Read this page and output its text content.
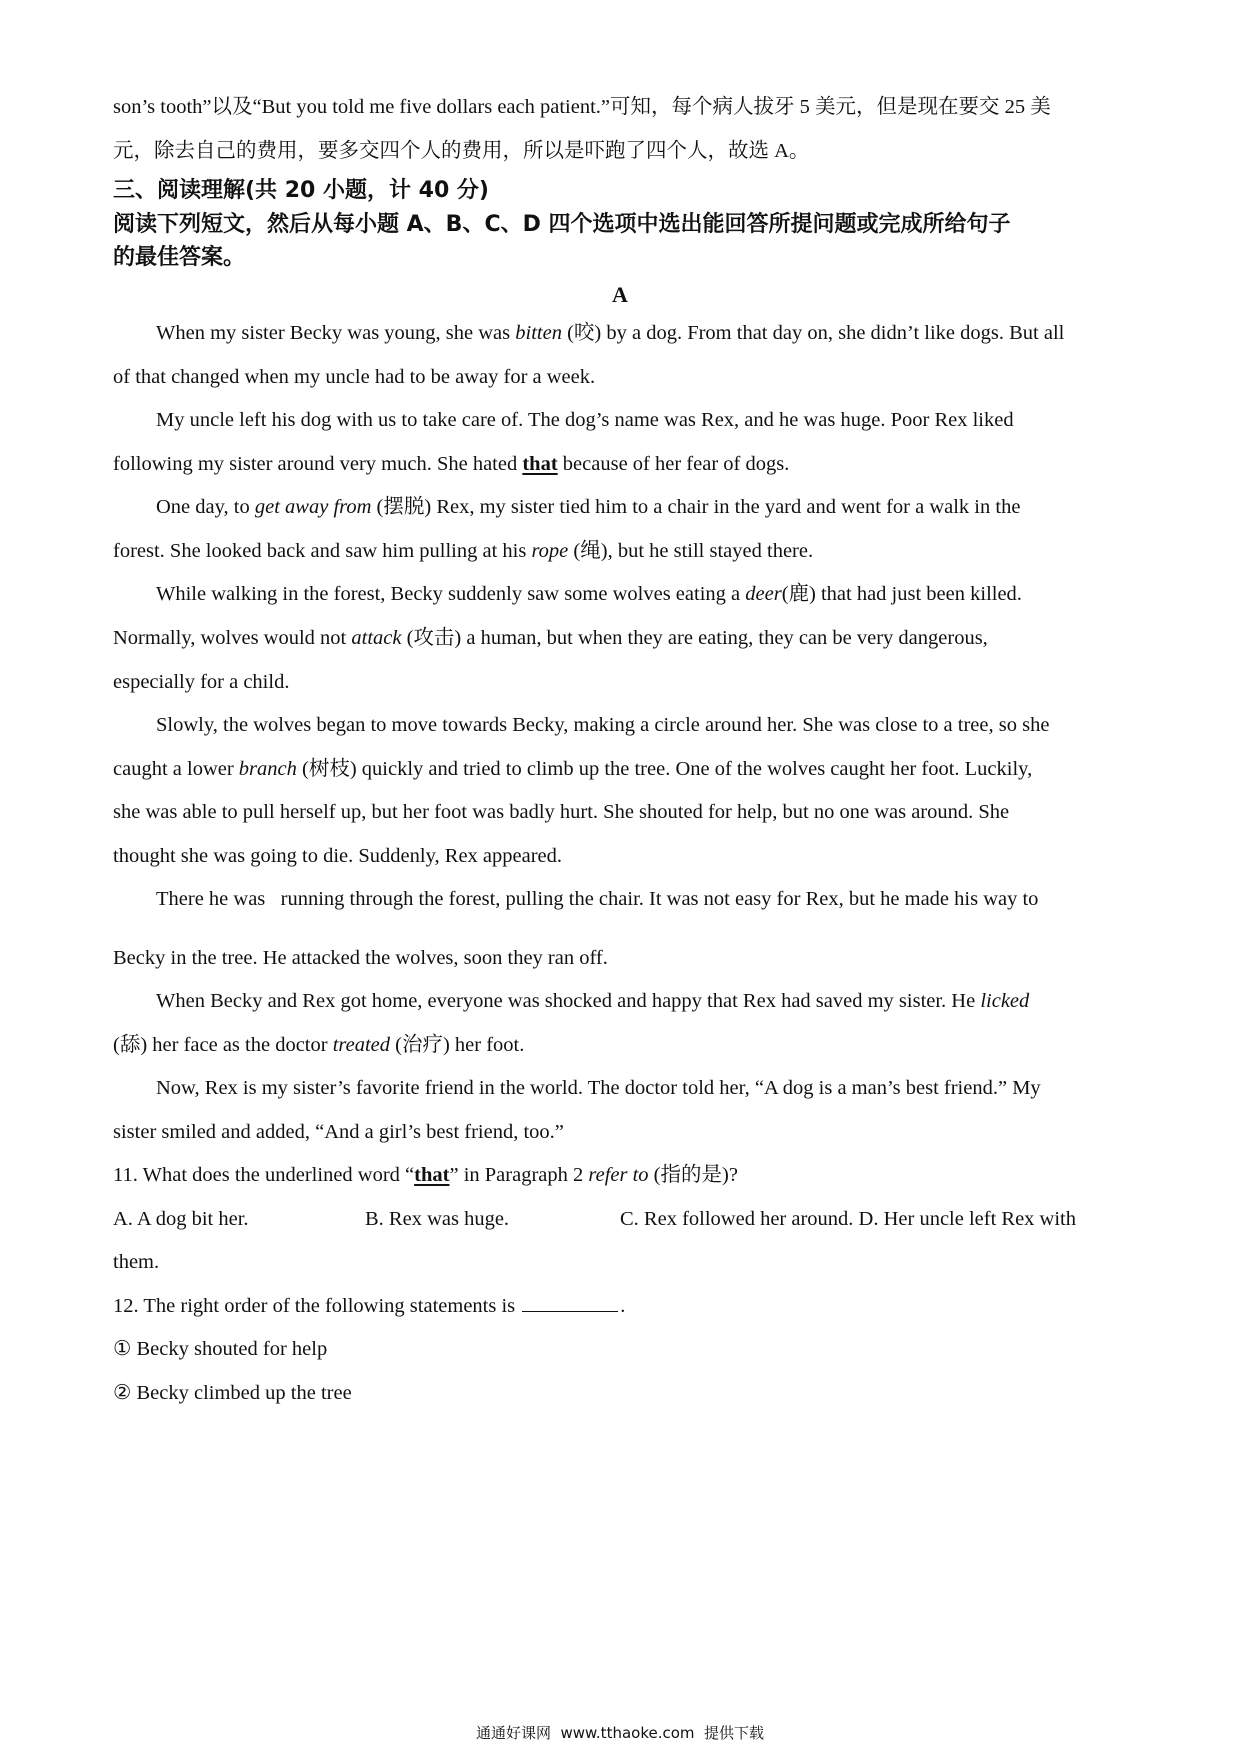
son’s tooth”以及“But you told me five dollars each patient.”可知，每个病人拔牙 5 美元，但是现在要交 25 美
元，除去自己的费用，要多交四个人的费用，所以是吓跑了四个人，故选 A。
三、阅读理解(共 20 小题，计 40 分)
阅读下列短文，然后从每小题 A、B、C、D 四个选项中选出能回答所提问题或完成所给句子
的最佳答案。
A
When my sister Becky was young, she was bitten (咬) by a dog. From that day on, she didn’t like dogs. But all
of that changed when my uncle had to be away for a week.
My uncle left his dog with us to take care of. The dog’s name was Rex, and he was huge. Poor Rex liked
following my sister around very much. She hated that because of her fear of dogs.
One day, to get away from (摆脱) Rex, my sister tied him to a chair in the yard and went for a walk in the
forest. She looked back and saw him pulling at his rope (绳), but he still stayed there.
While walking in the forest, Becky suddenly saw some wolves eating a deer(鹿) that had just been killed.
Normally, wolves would not attack (攻击) a human, but when they are eating, they can be very dangerous,
especially for a child.
Slowly, the wolves began to move towards Becky, making a circle around her. She was close to a tree, so she
caught a lower branch (树枝) quickly and tried to climb up the tree. One of the wolves caught her foot. Luckily,
she was able to pull herself up, but her foot was badly hurt. She shouted for help, but no one was around. She
thought she was going to die. Suddenly, Rex appeared.
There he was   running through the forest, pulling the chair. It was not easy for Rex, but he made his way to
Becky in the tree. He attacked the wolves, soon they ran off.
When Becky and Rex got home, everyone was shocked and happy that Rex had saved my sister. He licked
(舔) her face as the doctor treated (治疗) her foot.
Now, Rex is my sister’s favorite friend in the world. The doctor told her, “A dog is a man’s best friend.” My
sister smiled and added, “And a girl’s best friend, too.”
11. What does the underlined word “that” in Paragraph 2 refer to (指的是)?
A. A dog bit her.	B. Rex was huge.	C. Rex followed her around. D. Her uncle left Rex with
them.
12. The right order of the following statements is	.
① Becky shouted for help
② Becky climbed up the tree
通通好课网  www.tthaoke.com  提供下载
